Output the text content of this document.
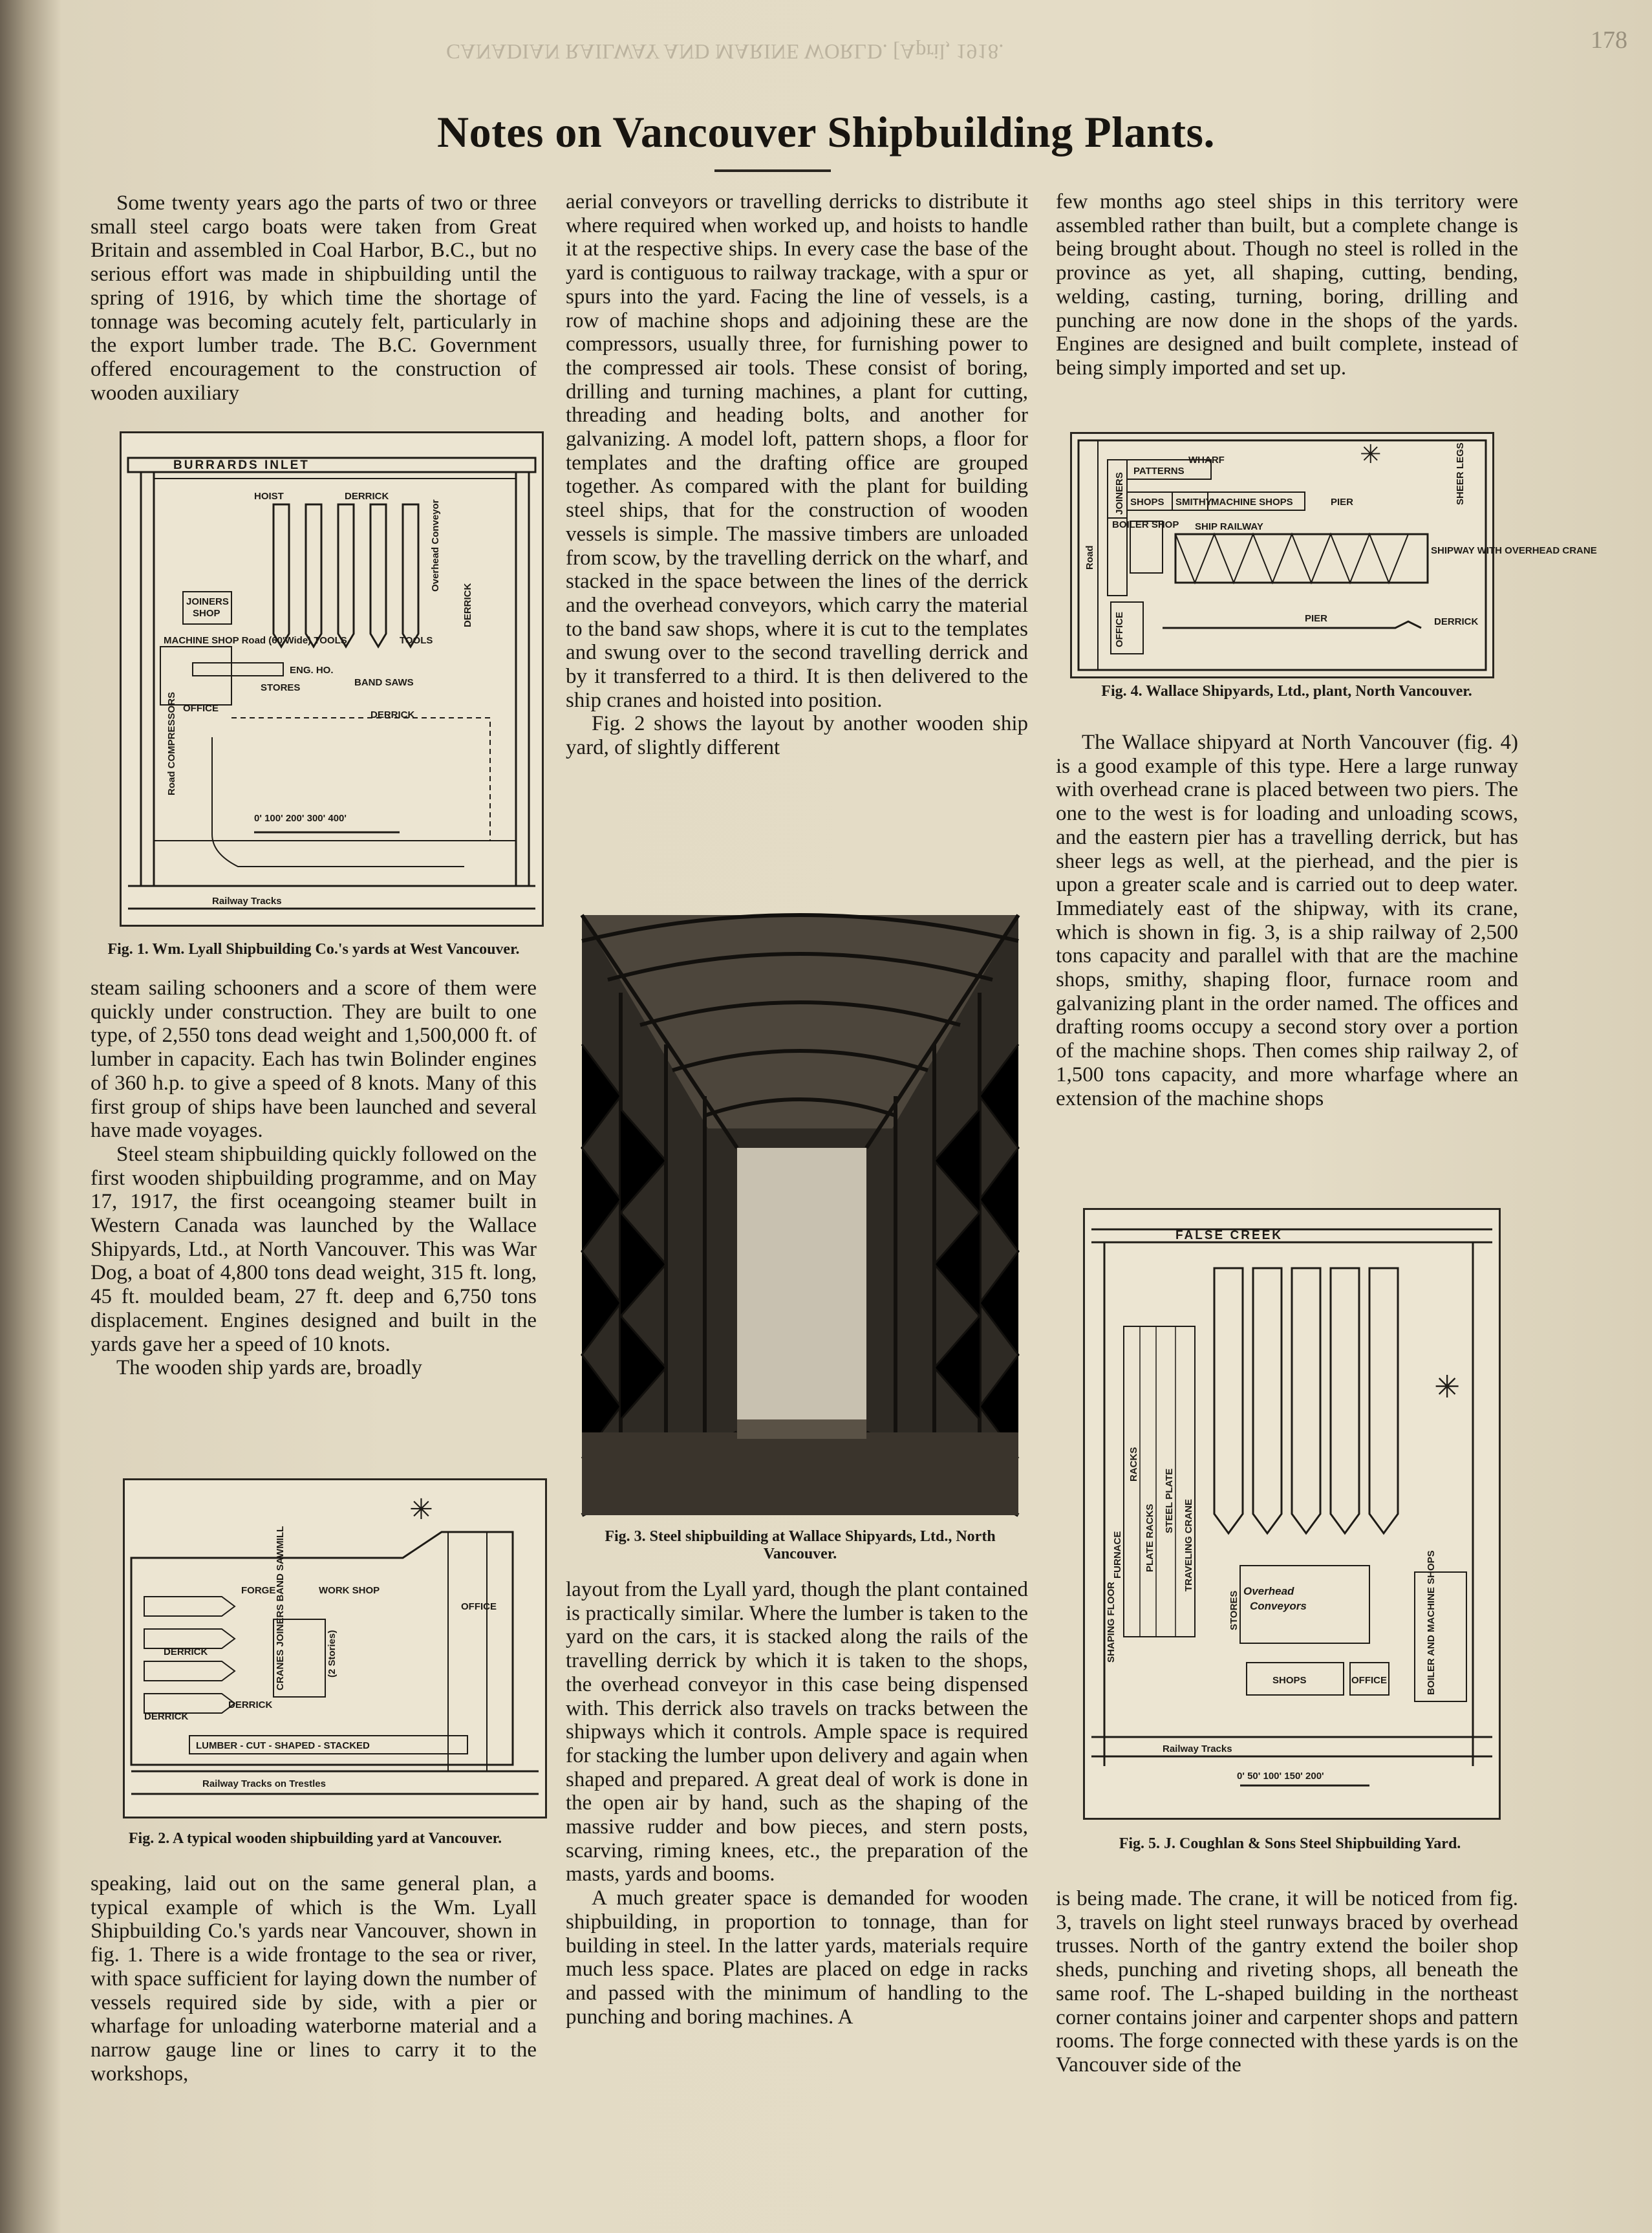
CANADIAN RAILWAY AND MARINE WORLD. [April, 1918.	178
Notes on Vancouver Shipbuilding Plants.

Some twenty years ago the parts of two or three small steel cargo boats were taken from Great Britain and assembled in Coal Harbor, B.C., but no serious effort was made in shipbuilding until the spring of 1916, by which time the shortage of tonnage was becoming acutely felt, particularly in the export lumber trade. The B.C. Government offered encouragement to the construction of wooden auxiliary

BURRARDS INLET
HOIST	DERRICK
JOINERS
SHOP
MACHINE SHOP Road (60'Wide) TOOLS
ENG. HO.
STORES	BAND SAWS
DERRICK
OFFICE
TOOLS
DERRICK
Overhead Conveyor
Road COMPRESSORS
0' 100' 200' 300' 400'
Railway Tracks
Fig. 1. Wm. Lyall Shipbuilding Co.'s yards at West Vancouver.

steam sailing schooners and a score of them were quickly under construction. They are built to one type, of 2,550 tons dead weight and 1,500,000 ft. of lumber in capacity. Each has twin Bolinder engines of 360 h.p. to give a speed of 8 knots. Many of this first group of ships have been launched and several have made voyages.

Steel steam shipbuilding quickly followed on the first wooden shipbuilding programme, and on May 17, 1917, the first oceangoing steamer built in Western Canada was launched by the Wallace Shipyards, Ltd., at North Vancouver. This was War Dog, a boat of 4,800 tons dead weight, 315 ft. long, 45 ft. moulded beam, 27 ft. deep and 6,750 tons displacement. Engines designed and built in the yards gave her a speed of 10 knots.

The wooden ship yards are, broadly

FORGE	WORK SHOP
OFFICE
DERRICK
DERRICK
DERRICK
CRANES JOINERS BAND SAWMILL	(2 Stories)
LUMBER - CUT - SHAPED - STACKED
Railway Tracks on Trestles
✳
Fig. 2. A typical wooden shipbuilding yard at Vancouver.

speaking, laid out on the same general plan, a typical example of which is the Wm. Lyall Shipbuilding Co.'s yards near Vancouver, shown in fig. 1. There is a wide frontage to the sea or river, with space sufficient for laying down the number of vessels required side by side, with a pier or wharfage for unloading waterborne material and a narrow gauge line or lines to carry it to the workshops,

aerial conveyors or travelling derricks to distribute it where required when worked up, and hoists to handle it at the respective ships. In every case the base of the yard is contiguous to railway trackage, with a spur or spurs into the yard. Facing the line of vessels, is a row of machine shops and adjoining these are the compressors, usually three, for furnishing power to the compressed air tools. These consist of boring, drilling and turning machines, a plant for cutting, threading and heading bolts, and another for galvanizing. A model loft, pattern shops, a floor for templates and the drafting office are grouped together. As compared with the plant for building steel ships, that for the construction of wooden vessels is simple. The massive timbers are unloaded from scow, by the travelling derrick on the wharf, and stacked in the space between the lines of the derrick and the overhead conveyors, which carry the material to the band saw shops, where it is cut to the templates and swung over to the second travelling derrick and by it transferred to a third. It is then delivered to the ship cranes and hoisted into position.

Fig. 2 shows the layout by another wooden ship yard, of slightly different

Fig. 3. Steel shipbuilding at Wallace Shipyards, Ltd., North Vancouver.

layout from the Lyall yard, though the plant contained is practically similar. Where the lumber is taken to the yard on the cars, it is stacked along the rails of the travelling derrick by which it is taken to the shops, the overhead conveyor in this case being dispensed with. This derrick also travels on tracks between the shipways which it controls. Ample space is required for stacking the lumber upon delivery and again when shaped and prepared. A great deal of work is done in the open air by hand, such as the shaping of the massive rudder and bow pieces, and stern posts, scarving, riming knees, etc., the preparation of the masts, yards and booms.

A much greater space is demanded for wooden shipbuilding, in proportion to tonnage, than for building in steel. In the latter yards, materials require much less space. Plates are placed on edge in racks and passed with the minimum of handling to the punching and boring machines. A

few months ago steel ships in this territory were assembled rather than built, but a complete change is being brought about. Though no steel is rolled in the province as yet, all shaping, cutting, bending, welding, casting, turning, boring, drilling and punching are now done in the shops of the yards. Engines are designed and built complete, instead of being simply imported and set up.

Road
JOINERS
PATTERNS
WHARF
SHOPS SMITHY
MACHINE SHOPS	PIER
BOILER SHOP SHIP RAILWAY
SHIPWAY WITH OVERHEAD CRANE
OFFICE	PIER	DERRICK
SHEER LEGS
✳
Fig. 4. Wallace Shipyards, Ltd., plant, North Vancouver.

The Wallace shipyard at North Vancouver (fig. 4) is a good example of this type. Here a large runway with overhead crane is placed between two piers. The one to the west is for loading and unloading scows, and the eastern pier has a travelling derrick, but has sheer legs as well, at the pierhead, and the pier is upon a greater scale and is carried out to deep water. Immediately east of the shipway, with its crane, which is shown in fig. 3, is a ship railway of 2,500 tons capacity and parallel with that are the machine shops, smithy, shaping floor, furnace room and galvanizing plant in the order named. The offices and drafting rooms occupy a second story over a portion of the machine shops. Then comes ship railway 2, of 1,500 tons capacity, and more wharfage where an extension of the machine shops

FALSE CREEK
✳
FURNACE
RACKS
PLATE RACKS
STEEL PLATE TRAVELING CRANE
SHAPING FLOOR	Overhead
Conveyors
STORES
SHOPS	OFFICE	BOILER AND MACHINE SHOPS
Railway Tracks
0' 50' 100' 150' 200'
Fig. 5. J. Coughlan & Sons Steel Shipbuilding Yard.

is being made. The crane, it will be noticed from fig. 3, travels on light steel runways braced by overhead trusses. North of the gantry extend the boiler shop sheds, punching and riveting shops, all beneath the same roof. The L-shaped building in the northeast corner contains joiner and carpenter shops and pattern rooms. The forge connected with these yards is on the Vancouver side of the
